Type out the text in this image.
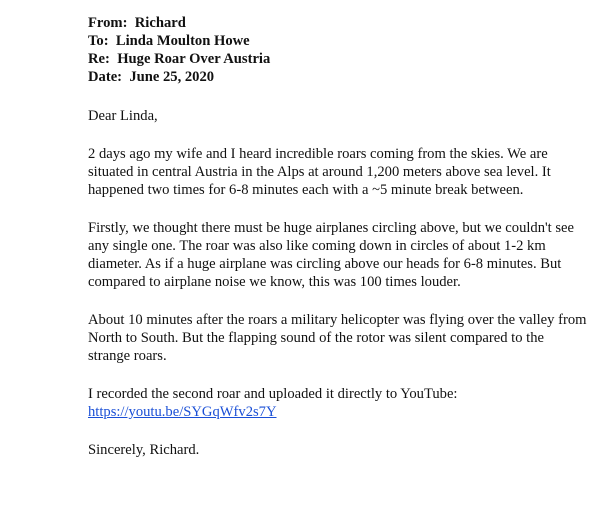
From: Richard
To: Linda Moulton Howe
Re: Huge Roar Over Austria
Date: June 25, 2020

Dear Linda,

2 days ago my wife and I heard incredible roars coming from the skies. We are situated in central Austria in the Alps at around 1,200 meters above sea level. It happened two times for 6-8 minutes each with a ~5 minute break between.

Firstly, we thought there must be huge airplanes circling above, but we couldn't see any single one. The roar was also like coming down in circles of about 1-2 km diameter. As if a huge airplane was circling above our heads for 6-8 minutes. But compared to airplane noise we know, this was 100 times louder.

About 10 minutes after the roars a military helicopter was flying over the valley from North to South. But the flapping sound of the rotor was silent compared to the strange roars.

I recorded the second roar and uploaded it directly to YouTube:
https://youtu.be/SYGqWfv2s7Y

Sincerely, Richard.
